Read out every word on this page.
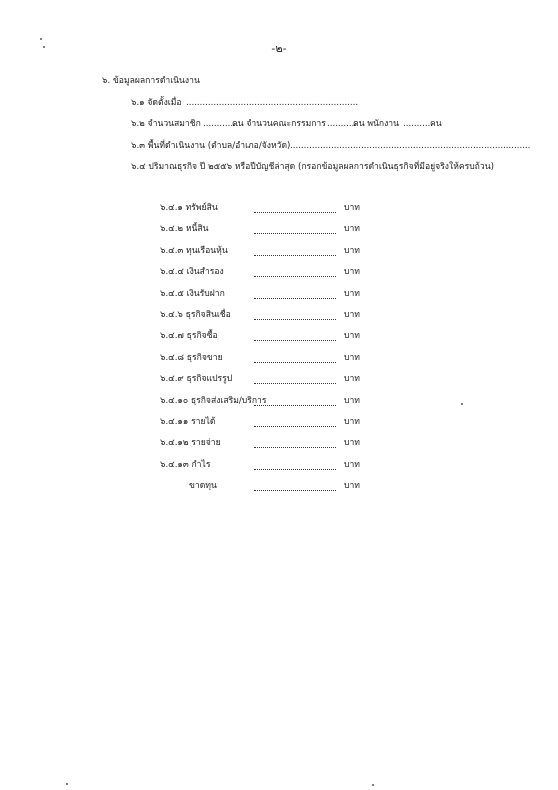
-๒-
๖. ข้อมูลผลการดำเนินงาน
๖.๑ จัดตั้งเมื่อ ...............................................................
๖.๒ จำนวนสมาชิก ..............
คน จำนวนคณะกรรมการ ...........
คน พนักงาน ...........
คน
๖.๓ พื้นที่ดำเนินงาน (ตำบล/อำเภอ/จังหวัด) ........................................................................................
๖.๔ ปริมาณธุรกิจ ปี ๒๕๕๖ หรือปีบัญชีล่าสุด (กรอกข้อมูลผลการดำเนินธุรกิจที่มีอยู่จริงให้ครบถ้วน)
๖.๔.๑ ทรัพย์สิน	บาท
๖.๔.๒ หนี้สิน	บาท
๖.๔.๓ ทุนเรือนหุ้น	บาท
๖.๔.๔ เงินสำรอง	บาท
๖.๔.๕ เงินรับฝาก	บาท
๖.๔.๖ ธุรกิจสินเชื่อ	บาท
๖.๔.๗ ธุรกิจซื้อ	บาท
๖.๔.๘ ธุรกิจขาย	บาท
๖.๔.๙ ธุรกิจแปรรูป	บาท
๖.๔.๑๐ ธุรกิจส่งเสริม/บริการ	บาท
๖.๔.๑๑ รายได้	บาท
๖.๔.๑๒ รายจ่าย	บาท
๖.๔.๑๓ กำไร	บาท
ขาดทุน	บาท
